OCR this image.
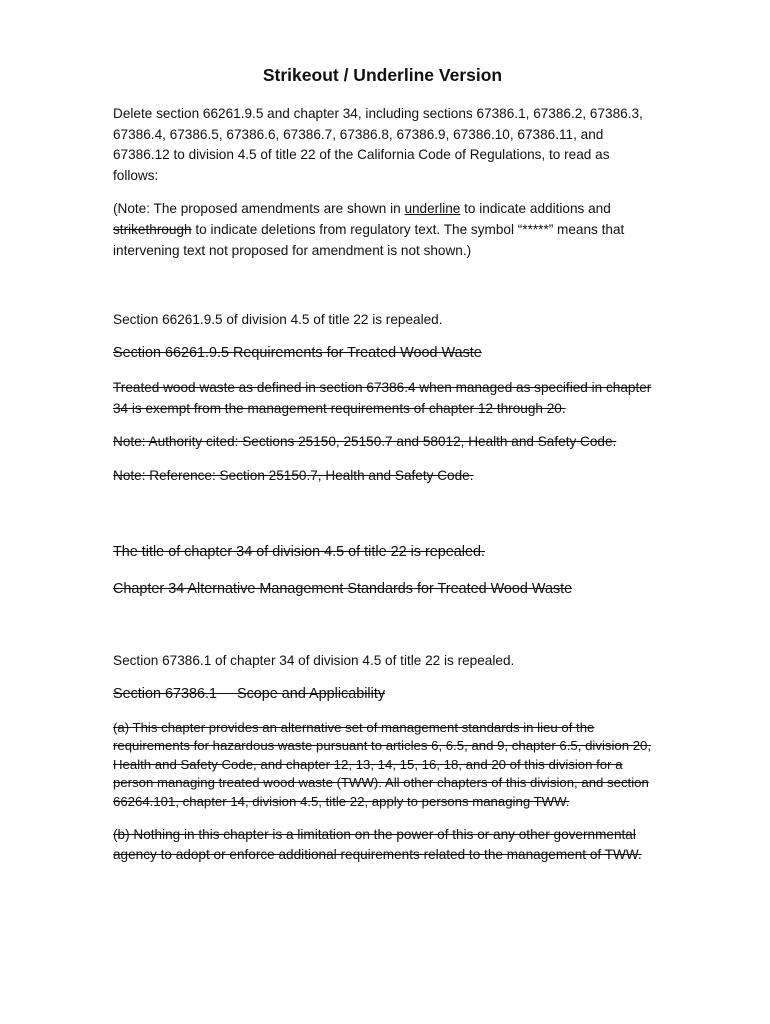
Strikeout / Underline Version
Delete section 66261.9.5 and chapter 34, including sections 67386.1, 67386.2, 67386.3, 67386.4, 67386.5, 67386.6, 67386.7, 67386.8, 67386.9, 67386.10, 67386.11, and 67386.12 to division 4.5 of title 22 of the California Code of Regulations, to read as follows:
(Note: The proposed amendments are shown in underline to indicate additions and strikethrough to indicate deletions from regulatory text. The symbol “*****” means that intervening text not proposed for amendment is not shown.)
Section 66261.9.5 of division 4.5 of title 22 is repealed.
Section 66261.9.5 Requirements for Treated Wood Waste
Treated wood waste as defined in section 67386.4 when managed as specified in chapter 34 is exempt from the management requirements of chapter 12 through 20.
Note: Authority cited: Sections 25150, 25150.7 and 58012, Health and Safety Code.
Note: Reference: Section 25150.7, Health and Safety Code.
The title of chapter 34 of division 4.5 of title 22 is repealed.
Chapter 34 Alternative Management Standards for Treated Wood Waste
Section 67386.1 of chapter 34 of division 4.5 of title 22 is repealed.
Section 67386.1     Scope and Applicability
(a) This chapter provides an alternative set of management standards in lieu of the requirements for hazardous waste pursuant to articles 6, 6.5, and 9, chapter 6.5, division 20, Health and Safety Code, and chapter 12, 13, 14, 15, 16, 18, and 20 of this division for a person managing treated wood waste (TWW). All other chapters of this division, and section 66264.101, chapter 14, division 4.5, title 22, apply to persons managing TWW.
(b) Nothing in this chapter is a limitation on the power of this or any other governmental agency to adopt or enforce additional requirements related to the management of TWW.
